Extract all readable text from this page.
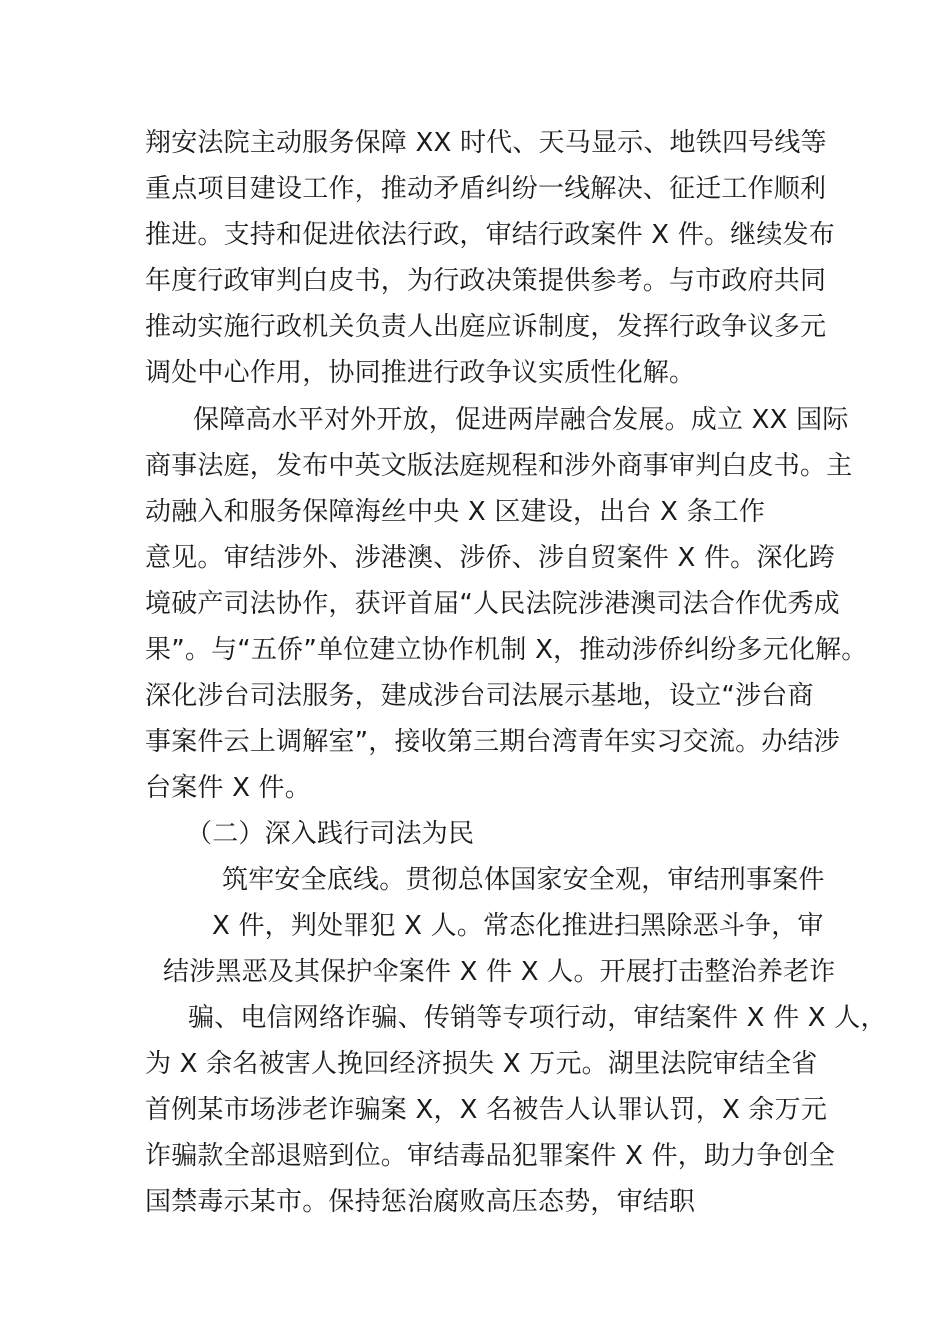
翔安法院主动服务保障 XX 时代、天马显示、地铁四号线等
重点项目建设工作，推动矛盾纠纷一线解决、征迁工作顺利
推进。支持和促进依法行政，审结行政案件 X 件。继续发布
年度行政审判白皮书，为行政决策提供参考。与市政府共同
推动实施行政机关负责人出庭应诉制度，发挥行政争议多元
调处中心作用，协同推进行政争议实质性化解。
保障高水平对外开放，促进两岸融合发展。成立 XX 国际
商事法庭，发布中英文版法庭规程和涉外商事审判白皮书。主
动融入和服务保障海丝中央 X 区建设，出台 X 条工作
意见。审结涉外、涉港澳、涉侨、涉自贸案件 X 件。深化跨
境破产司法协作，获评首届“人民法院涉港澳司法合作优秀成
果”。与“五侨”单位建立协作机制 X，推动涉侨纠纷多元化解。
深化涉台司法服务，建成涉台司法展示基地，设立“涉台商
事案件云上调解室”，接收第三期台湾青年实习交流。办结涉
台案件 X 件。
（二）深入践行司法为民
筑牢安全底线。贯彻总体国家安全观，审结刑事案件
X 件，判处罪犯 X 人。常态化推进扫黑除恶斗争，审
结涉黑恶及其保护伞案件 X 件 X 人。开展打击整治养老诈
骗、电信网络诈骗、传销等专项行动，审结案件 X 件 X 人，
为 X 余名被害人挽回经济损失 X 万元。湖里法院审结全省
首例某市场涉老诈骗案 X，X 名被告人认罪认罚，X 余万元
诈骗款全部退赔到位。审结毒品犯罪案件 X 件，助力争创全
国禁毒示某市。保持惩治腐败高压态势，审结职
